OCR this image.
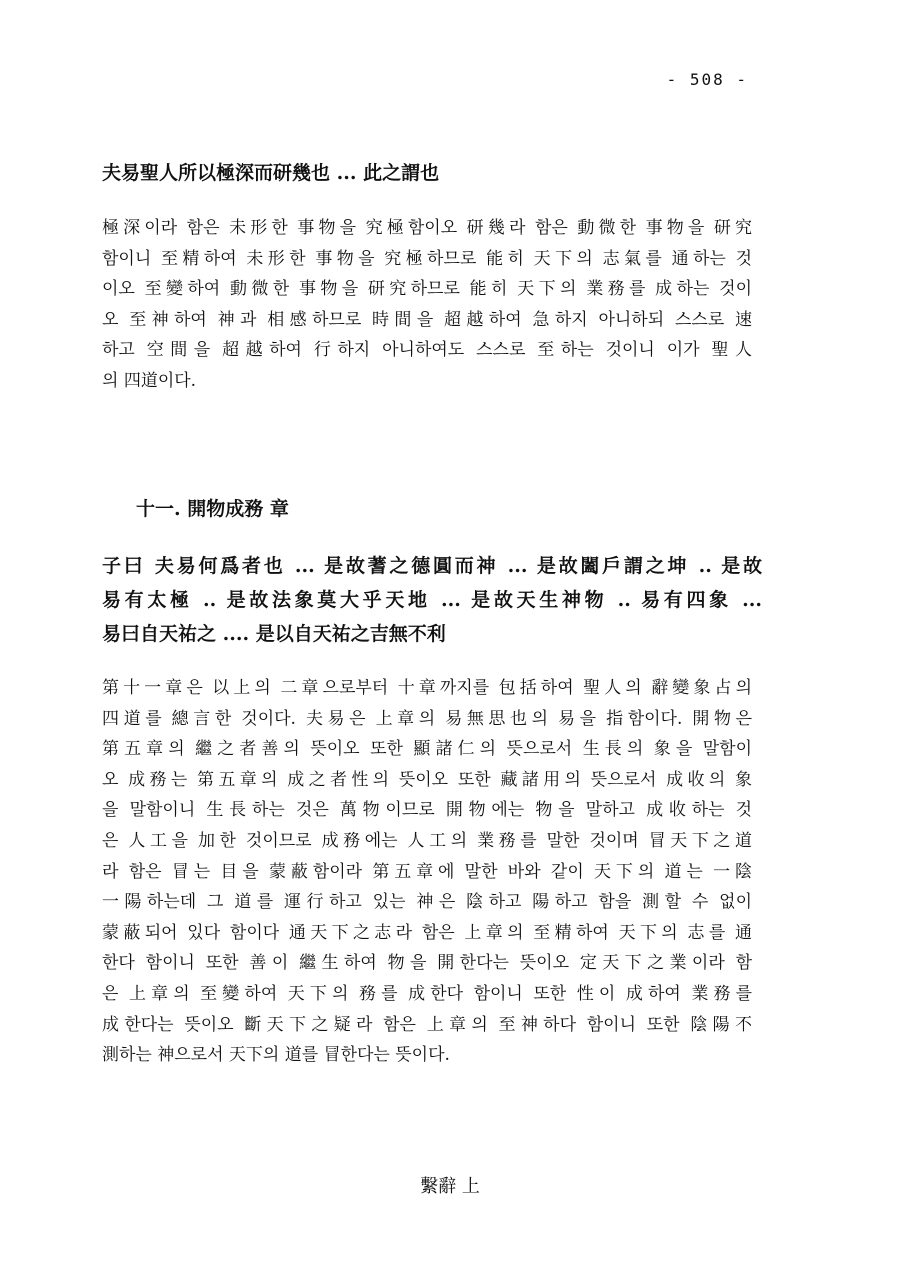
- 508 -
夫易聖人所以極深而研幾也 ... 此之謂也
極深이라 함은 未形한 事物을 究極함이오 研幾라 함은 動微한 事物을 研究
함이니 至精하여 未形한 事物을 究極하므로 能히 天下의 志氣를 通하는 것
이오 至變하여 動微한 事物을 研究하므로 能히 天下의 業務를 成하는 것이
오 至神하여 神과 相感하므로 時間을 超越하여 急하지 아니하되 스스로 速
하고 空間을 超越하여 行하지 아니하여도 스스로 至하는 것이니 이가 聖人
의 四道이다.
十一. 開物成務 章
子曰 夫易何爲者也 ... 是故蓍之德圓而神 ... 是故闔戶謂之坤 .. 是故
易有太極 .. 是故法象莫大乎天地 ... 是故天生神物 .. 易有四象 ...
易曰自天祐之 .... 是以自天祐之吉無不利
第十一章은 以上의 二章으로부터 十章까지를 包括하여 聖人의 辭變象占의
四道를 總言한 것이다. 夫易은 上章의 易無思也의 易을 指함이다. 開物은
第五章의 繼之者善의 뜻이오 또한 顯諸仁의 뜻으로서 生長의 象을 말함이
오 成務는 第五章의 成之者性의 뜻이오 또한 藏諸用의 뜻으로서 成收의 象
을 말함이니 生長하는 것은 萬物이므로 開物에는 物을 말하고 成收하는 것
은 人工을 加한 것이므로 成務에는 人工의 業務를 말한 것이며 冒天下之道
라 함은 冒는 目을 蒙蔽함이라 第五章에 말한 바와 같이 天下의 道는 一陰
一陽하는데 그 道를 運行하고 있는 神은 陰하고 陽하고 함을 測할 수 없이
蒙蔽되어 있다 함이다 通天下之志라 함은 上章의 至精하여 天下의 志를 通
한다 함이니 또한 善이 繼生하여 物을 開한다는 뜻이오 定天下之業이라 함
은 上章의 至變하여 天下의 務를 成한다 함이니 또한 性이 成하여 業務를
成한다는 뜻이오 斷天下之疑라 함은 上章의 至神하다 함이니 또한 陰陽不
測하는 神으로서 天下의 道를 冒한다는 뜻이다.
繫辭 上
